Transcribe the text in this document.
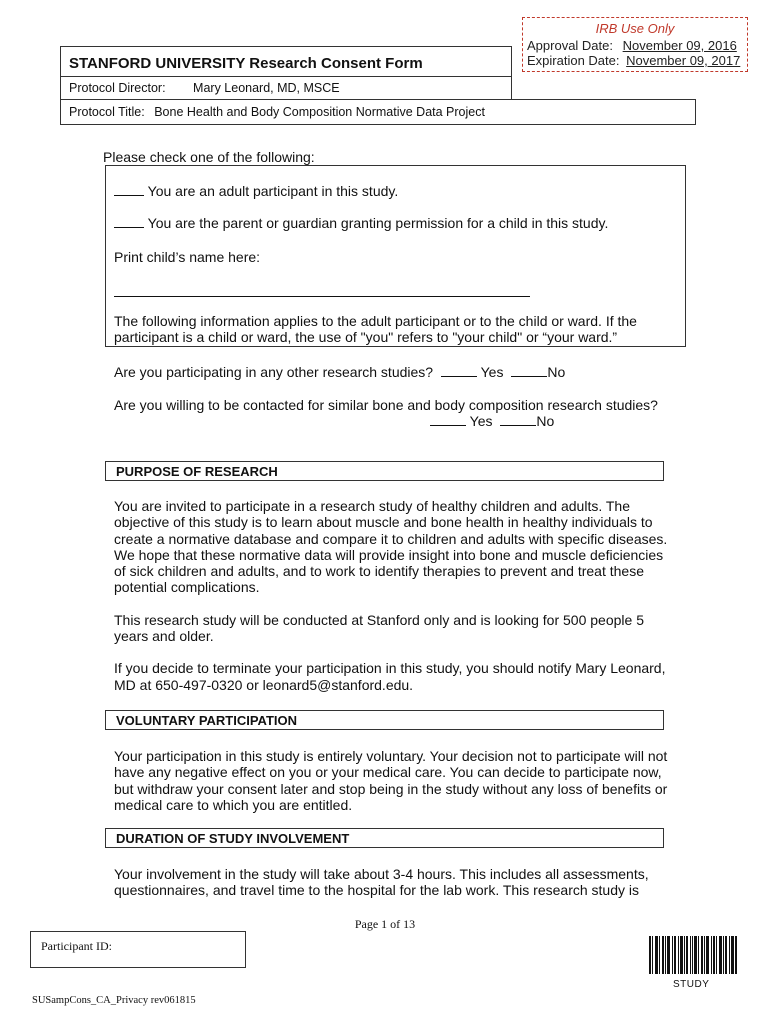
IRB Use Only
Approval Date: November 09, 2016
Expiration Date: November 09, 2017
STANFORD UNIVERSITY Research Consent Form
Protocol Director: Mary Leonard, MD, MSCE
Protocol Title: Bone Health and Body Composition Normative Data Project
Please check one of the following:
You are an adult participant in this study.
You are the parent or guardian granting permission for a child in this study.
Print child’s name here:
The following information applies to the adult participant or to the child or ward. If the
participant is a child or ward, the use of "you" refers to "your child" or “your ward.”
Are you participating in any other research studies?	Yes	No
Are you willing to be contacted for similar bone and body composition research studies?
Yes	No
PURPOSE OF RESEARCH

You are invited to participate in a research study of healthy children and adults. The objective of this study is to learn about muscle and bone health in healthy individuals to create a normative database and compare it to children and adults with specific diseases. We hope that these normative data will provide insight into bone and muscle deficiencies of sick children and adults, and to work to identify therapies to prevent and treat these potential complications.

This research study will be conducted at Stanford only and is looking for 500 people 5 years and older.

If you decide to terminate your participation in this study, you should notify Mary Leonard, MD at 650-497-0320 or leonard5@stanford.edu.

VOLUNTARY PARTICIPATION

Your participation in this study is entirely voluntary. Your decision not to participate will not have any negative effect on you or your medical care. You can decide to participate now, but withdraw your consent later and stop being in the study without any loss of benefits or medical care to which you are entitled.

DURATION OF STUDY INVOLVEMENT

Your involvement in the study will take about 3-4 hours. This includes all assessments, questionnaires, and travel time to the hospital for the lab work. This research study is

Page 1 of 13
Participant ID:
SUSampCons_CA_Privacy rev061815
STUDY
